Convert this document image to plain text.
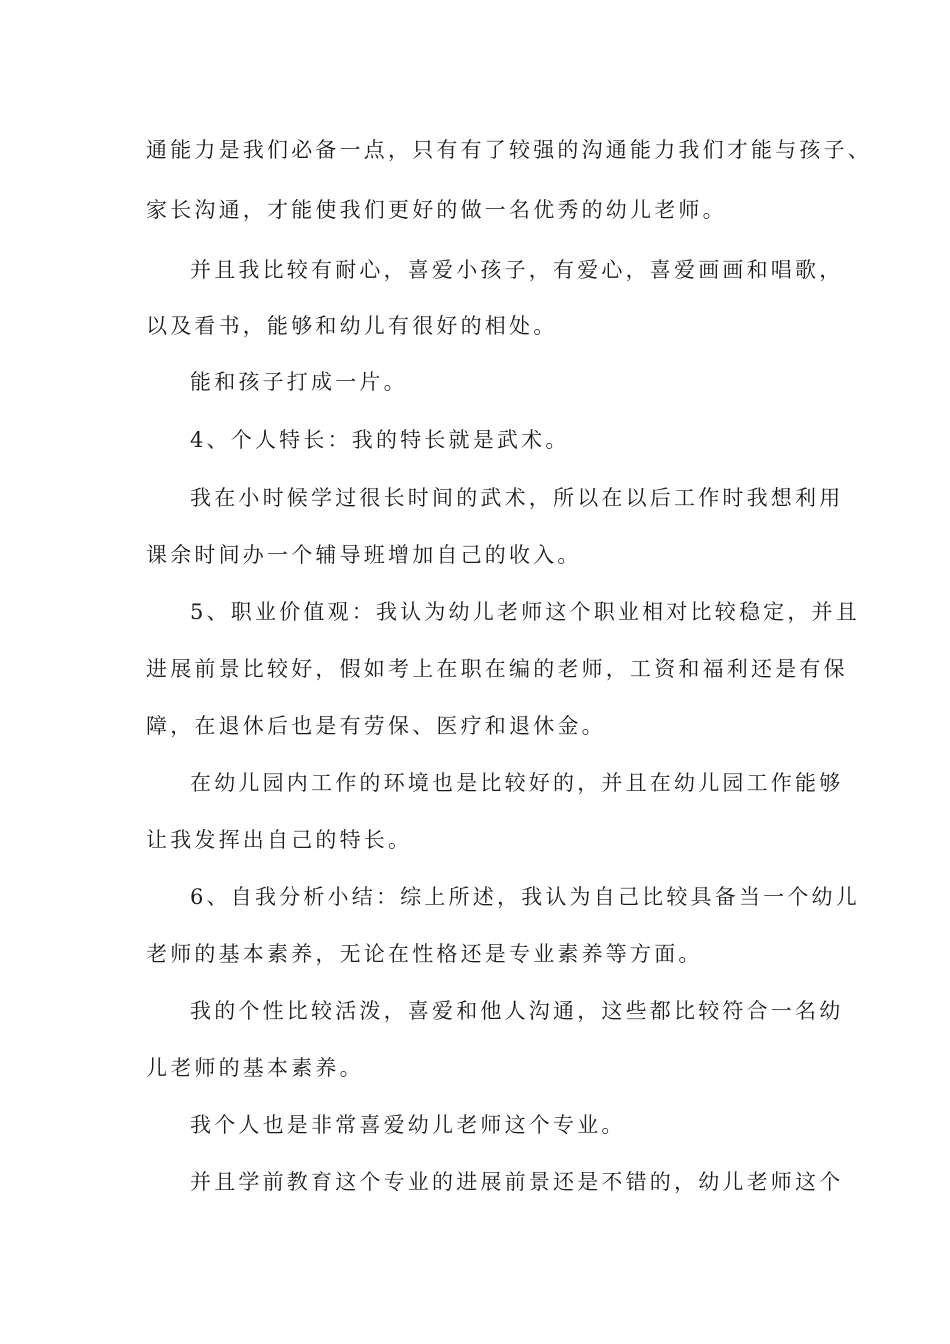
通能力是我们必备一点，只有有了较强的沟通能力我们才能与孩子、
家长沟通，才能使我们更好的做一名优秀的幼儿老师。
并且我比较有耐心，喜爱小孩子，有爱心，喜爱画画和唱歌，
以及看书，能够和幼儿有很好的相处。
能和孩子打成一片。
4、个人特长：我的特长就是武术。
我在小时候学过很长时间的武术，所以在以后工作时我想利用
课余时间办一个辅导班增加自己的收入。
5、职业价值观：我认为幼儿老师这个职业相对比较稳定，并且
进展前景比较好，假如考上在职在编的老师，工资和福利还是有保
障，在退休后也是有劳保、医疗和退休金。
在幼儿园内工作的环境也是比较好的，并且在幼儿园工作能够
让我发挥出自己的特长。
6、自我分析小结：综上所述，我认为自己比较具备当一个幼儿
老师的基本素养，无论在性格还是专业素养等方面。
我的个性比较活泼，喜爱和他人沟通，这些都比较符合一名幼
儿老师的基本素养。
我个人也是非常喜爱幼儿老师这个专业。
并且学前教育这个专业的进展前景还是不错的，幼儿老师这个
